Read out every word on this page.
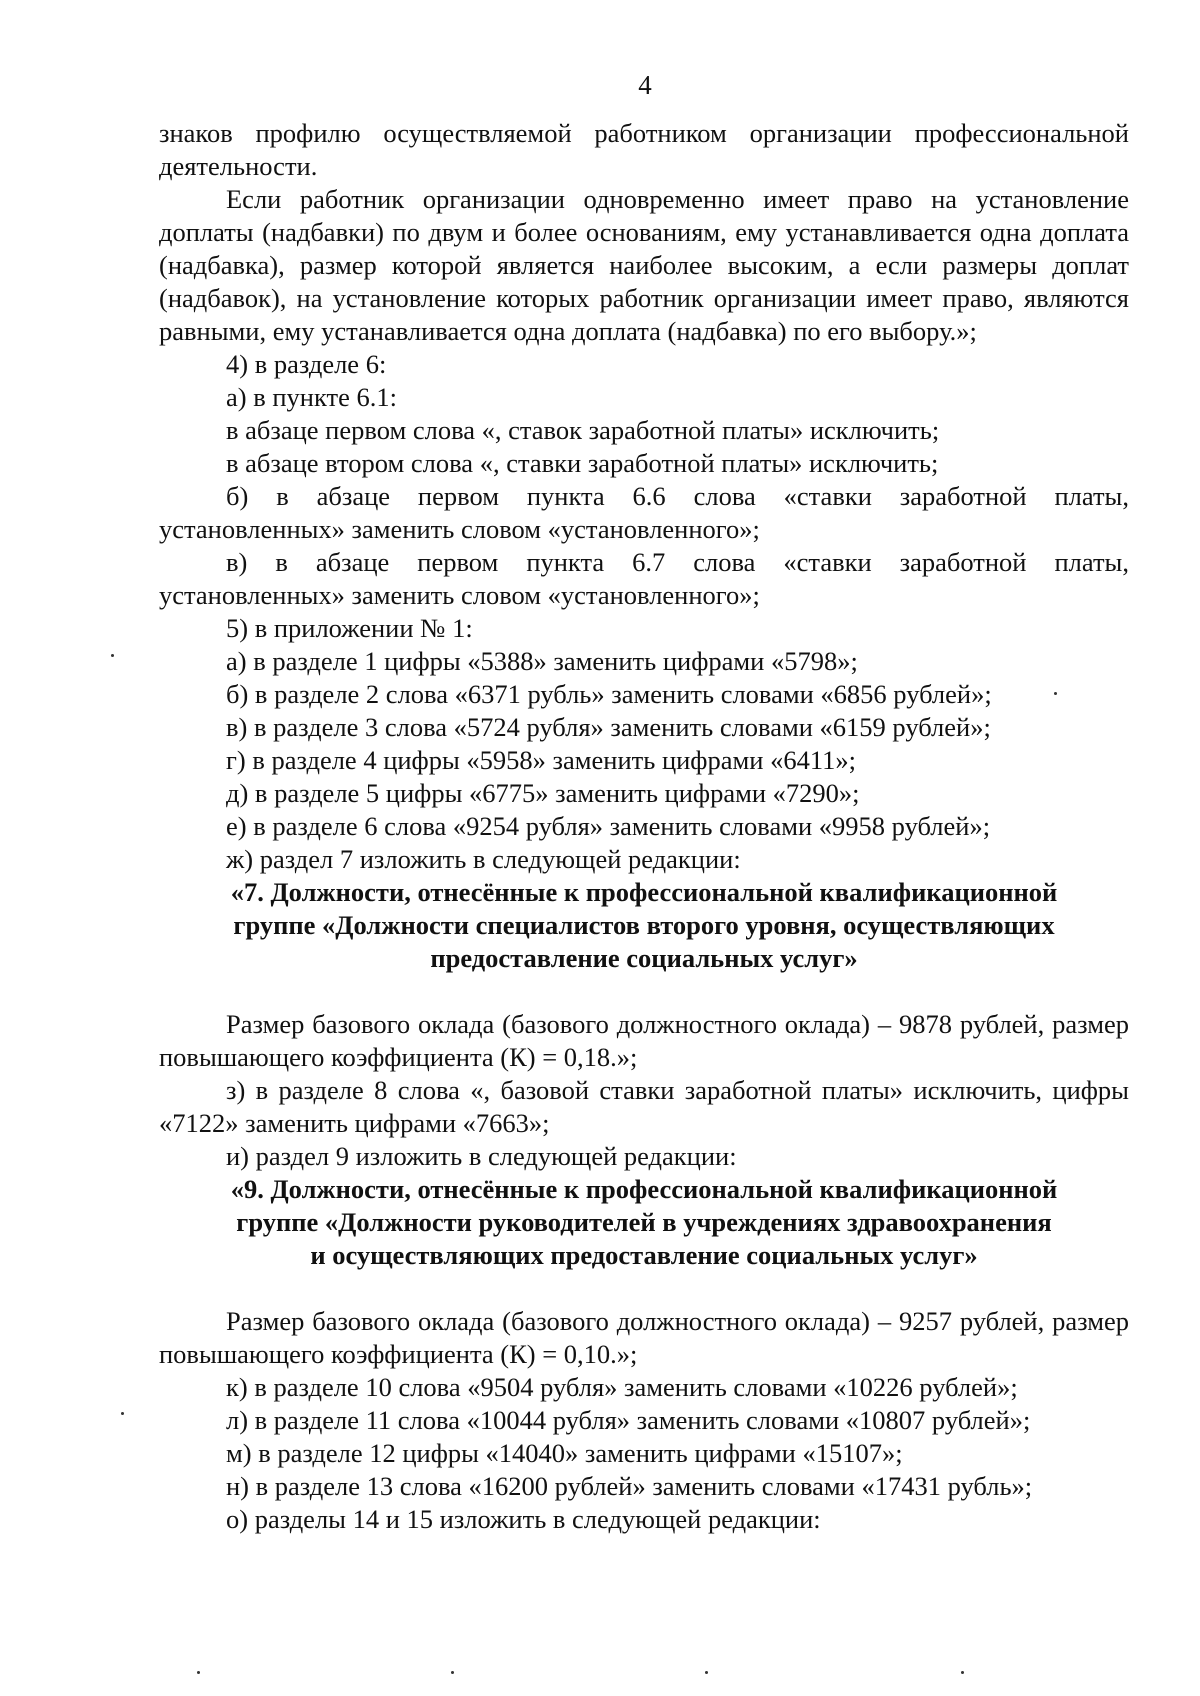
4

знаков профилю осуществляемой работником организации профессиональной деятельности.

Если работник организации одновременно имеет право на установление доплаты (надбавки) по двум и более основаниям, ему устанавливается одна доплата (надбавка), размер которой является наиболее высоким, а если размеры доплат (надбавок), на установление которых работник организации имеет право, являются равными, ему устанавливается одна доплата (надбавка) по его выбору.»;

4) в разделе 6:

а) в пункте 6.1:

в абзаце первом слова «, ставок заработной платы» исключить;

в абзаце втором слова «, ставки заработной платы» исключить;

б) в абзаце первом пункта 6.6 слова «ставки заработной платы, установленных» заменить словом «установленного»;

в) в абзаце первом пункта 6.7 слова «ставки заработной платы, установленных» заменить словом «установленного»;

5) в приложении № 1:

а) в разделе 1 цифры «5388» заменить цифрами «5798»;

б) в разделе 2 слова «6371 рубль» заменить словами «6856 рублей»;

в) в разделе 3 слова «5724 рубля» заменить словами «6159 рублей»;

г) в разделе 4 цифры «5958» заменить цифрами «6411»;

д) в разделе 5 цифры «6775» заменить цифрами «7290»;

е) в разделе 6 слова «9254 рубля» заменить словами «9958 рублей»;

ж) раздел 7 изложить в следующей редакции:

«7. Должности, отнесённые к профессиональной квалификационной

группе «Должности специалистов второго уровня, осуществляющих

предоставление социальных услуг»

Размер базового оклада (базового должностного оклада) – 9878 рублей, размер повышающего коэффициента (К) = 0,18.»;

з) в разделе 8 слова «, базовой ставки заработной платы» исключить, цифры «7122» заменить цифрами «7663»;

и) раздел 9 изложить в следующей редакции:

«9. Должности, отнесённые к профессиональной квалификационной

группе «Должности руководителей в учреждениях здравоохранения

и осуществляющих предоставление социальных услуг»

Размер базового оклада (базового должностного оклада) – 9257 рублей, размер повышающего коэффициента (К) = 0,10.»;

к) в разделе 10 слова «9504 рубля» заменить словами «10226 рублей»;

л) в разделе 11 слова «10044 рубля» заменить словами «10807 рублей»;

м) в разделе 12 цифры «14040» заменить цифрами «15107»;

н) в разделе 13 слова «16200 рублей» заменить словами «17431 рубль»;

о) разделы 14 и 15 изложить в следующей редакции:
